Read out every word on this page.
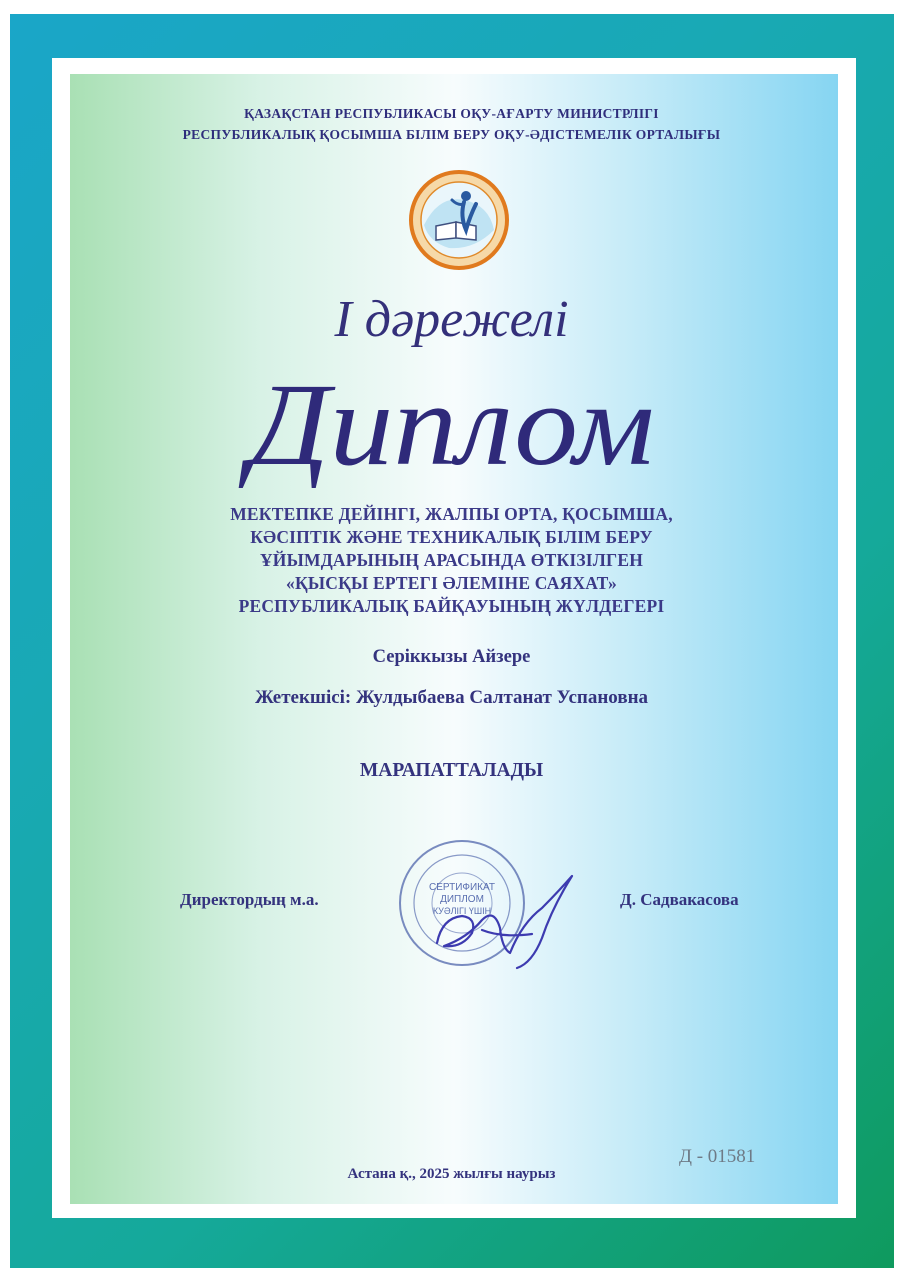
ҚАЗАҚСТАН РЕСПУБЛИКАСЫ ОҚУ-АҒАРТУ МИНИСТРЛІГІ
РЕСПУБЛИКАЛЫҚ ҚОСЫМША БІЛІМ БЕРУ ОҚУ-ӘДІСТЕМЕЛІК ОРТАЛЫҒЫ
I дәрежелі
Диплом
МЕКТЕПКЕ ДЕЙІНГІ, ЖАЛПЫ ОРТА, ҚОСЫМША,
КӘСІПТІК ЖӘНЕ ТЕХНИКАЛЫҚ БІЛІМ БЕРУ
ҰЙЫМДАРЫНЫҢ АРАСЫНДА ӨТКІЗІЛГЕН
«ҚЫСҚЫ ЕРТЕГІ ӘЛЕМІНЕ САЯХАТ»
РЕСПУБЛИКАЛЫҚ БАЙҚАУЫНЫҢ ЖҮЛДЕГЕРІ
Серіккызы Айзере
Жетекшісі: Жулдыбаева Салтанат Успановна
МАРАПАТТАЛАДЫ
Директордың м.а.	Д. Садвакасова
СЕРТИФИКАТ
ДИПЛОМ
КУӘЛІГІ ҮШІН
Астана қ., 2025 жылғы наурыз
Д - 01581
